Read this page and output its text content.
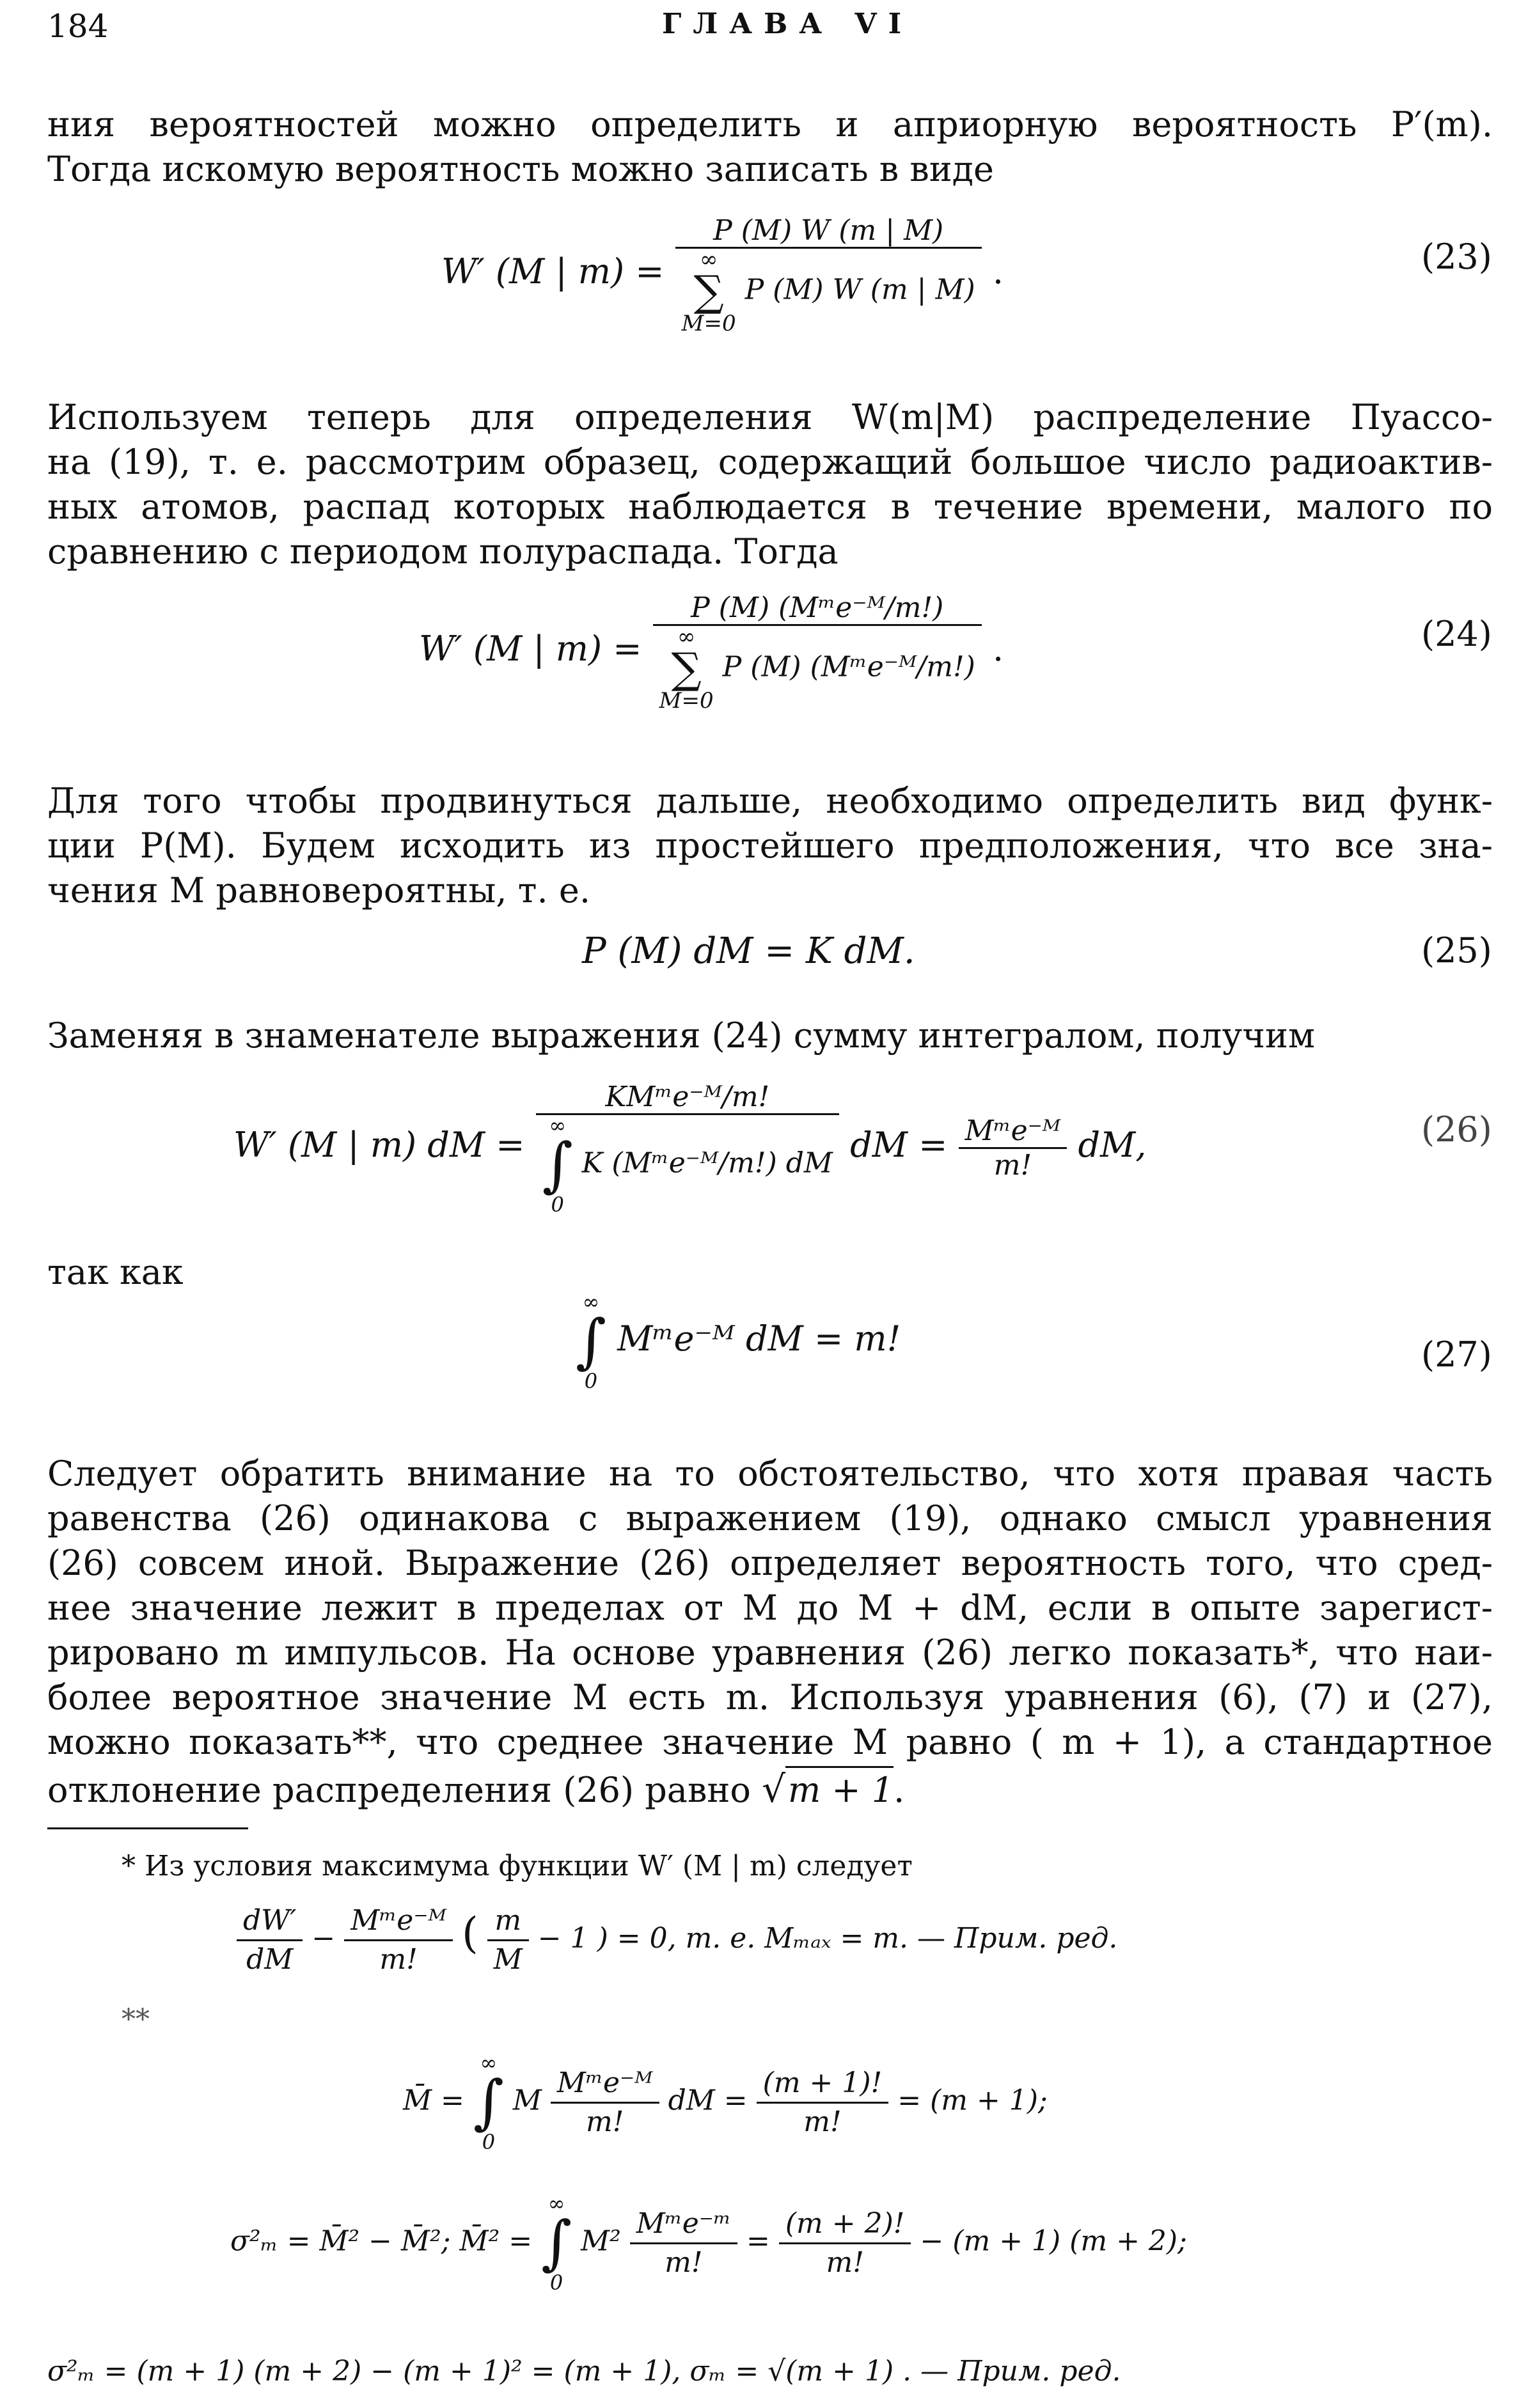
184	ГЛАВА VI
ния вероятностей можно определить и априорную вероятность P′(m).
Тогда искомую вероятность можно записать в виде
W′ (M | m) = P (M) W (m | M)
∞
∑
M=0
P (M) W (m | M) .	(23)
Используем теперь для определения W(m|M) распределение Пуассо-
на (19), т. е. рассмотрим образец, содержащий большое число радиоактив-
ных атомов, распад которых наблюдается в течение времени, малого по
сравнению с периодом полураспада. Тогда
W′ (M | m) = P (M) (Mᵐe⁻ᴹ/m!)
∞
∑
M=0
P (M) (Mᵐe⁻ᴹ/m!) .	(24)
Для того чтобы продвинуться дальше, необходимо определить вид функ-
ции P(M). Будем исходить из простейшего предположения, что все зна-
чения M равновероятны, т. е.
P (M) dM = K dM.	(25)
Заменяя в знаменателе выражения (24) сумму интегралом, получим
W′ (M | m) dM = KMᵐe⁻ᴹ/m!
∞
∫
0
K (Mᵐe⁻ᴹ/m!) dM dM = $\frac{\text{Mᵐe⁻ᴹ}}{m!}$ dM,	(26)
так как
∞
∫
0
Mᵐe⁻ᴹ dM = m!	(27)
Следует обратить внимание на то обстоятельство, что хотя правая часть
равенства (26) одинакова с выражением (19), однако смысл уравнения
(26) совсем иной. Выражение (26) определяет вероятность того, что сред-
нее значение лежит в пределах от M до M + dM, если в опыте зарегист-
рировано m импульсов. На основе уравнения (26) легко показать*, что наи-
более вероятное значение M есть m. Используя уравнения (6), (7) и (27),
можно показать**, что среднее значение M равно ( m + 1), а стандартное
отклонение распределения (26) равно √m + 1.
* Из условия максимума функции W′ (M | m) следует
$\frac{dW'}{dM} - \frac{\text{Mᵐe⁻ᴹ}}{m!}$ ( $\frac{m}{M} - 1$ ) = 0, т. е. Mₘₐₓ = m. — Прим. ред.
**
M̄ =
∞
∫
0
M $\frac{\text{Mᵐe⁻ᴹ}}{m!}$ dM = $\frac{(m + 1)!}{m!} = (m + 1)$;
σ²ₘ = M̄² − M̄²; M̄² =
∞
∫
0
$M^2 \frac{\text{Mᵐe⁻ᵐ}}{m!} = \frac{(m + 2)!}{m!} - (m + 1) (m + 2)$;
σ²ₘ = (m + 1) (m + 2) − (m + 1)² = (m + 1), σₘ = √(m + 1) . — Прим. ред.
